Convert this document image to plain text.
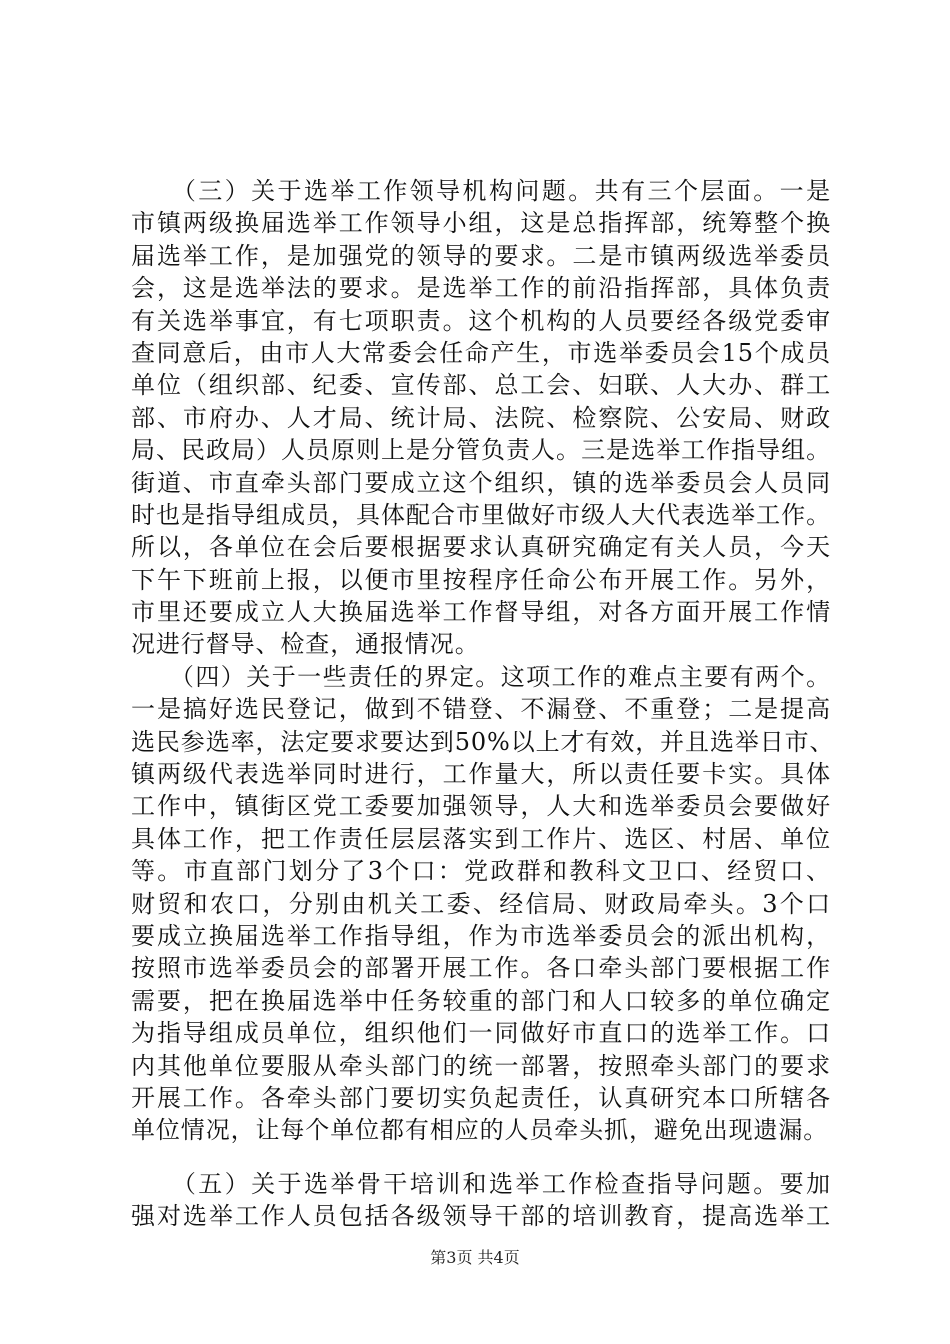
　　（三）关于选举工作领导机构问题。共有三个层面。一是
市镇两级换届选举工作领导小组，这是总指挥部，统筹整个换
届选举工作，是加强党的领导的要求。二是市镇两级选举委员
会，这是选举法的要求。是选举工作的前沿指挥部，具体负责
有关选举事宜，有七项职责。这个机构的人员要经各级党委审
查同意后，由市人大常委会任命产生，市选举委员会15个成员
单位（组织部、纪委、宣传部、总工会、妇联、人大办、群工
部、市府办、人才局、统计局、法院、检察院、公安局、财政
局、民政局）人员原则上是分管负责人。三是选举工作指导组。
街道、市直牵头部门要成立这个组织，镇的选举委员会人员同
时也是指导组成员，具体配合市里做好市级人大代表选举工作。
所以，各单位在会后要根据要求认真研究确定有关人员，今天
下午下班前上报，以便市里按程序任命公布开展工作。另外，
市里还要成立人大换届选举工作督导组，对各方面开展工作情
况进行督导、检查，通报情况。
　　（四）关于一些责任的界定。这项工作的难点主要有两个。
一是搞好选民登记，做到不错登、不漏登、不重登；二是提高
选民参选率，法定要求要达到50%以上才有效，并且选举日市、
镇两级代表选举同时进行，工作量大，所以责任要卡实。具体
工作中，镇街区党工委要加强领导，人大和选举委员会要做好
具体工作，把工作责任层层落实到工作片、选区、村居、单位
等。市直部门划分了3个口：党政群和教科文卫口、经贸口、
财贸和农口，分别由机关工委、经信局、财政局牵头。3个口
要成立换届选举工作指导组，作为市选举委员会的派出机构，
按照市选举委员会的部署开展工作。各口牵头部门要根据工作
需要，把在换届选举中任务较重的部门和人口较多的单位确定
为指导组成员单位，组织他们一同做好市直口的选举工作。口
内其他单位要服从牵头部门的统一部署，按照牵头部门的要求
开展工作。各牵头部门要切实负起责任，认真研究本口所辖各
单位情况，让每个单位都有相应的人员牵头抓，避免出现遗漏。
　　（五）关于选举骨干培训和选举工作检查指导问题。要加
强对选举工作人员包括各级领导干部的培训教育，提高选举工
第3页 共4页
